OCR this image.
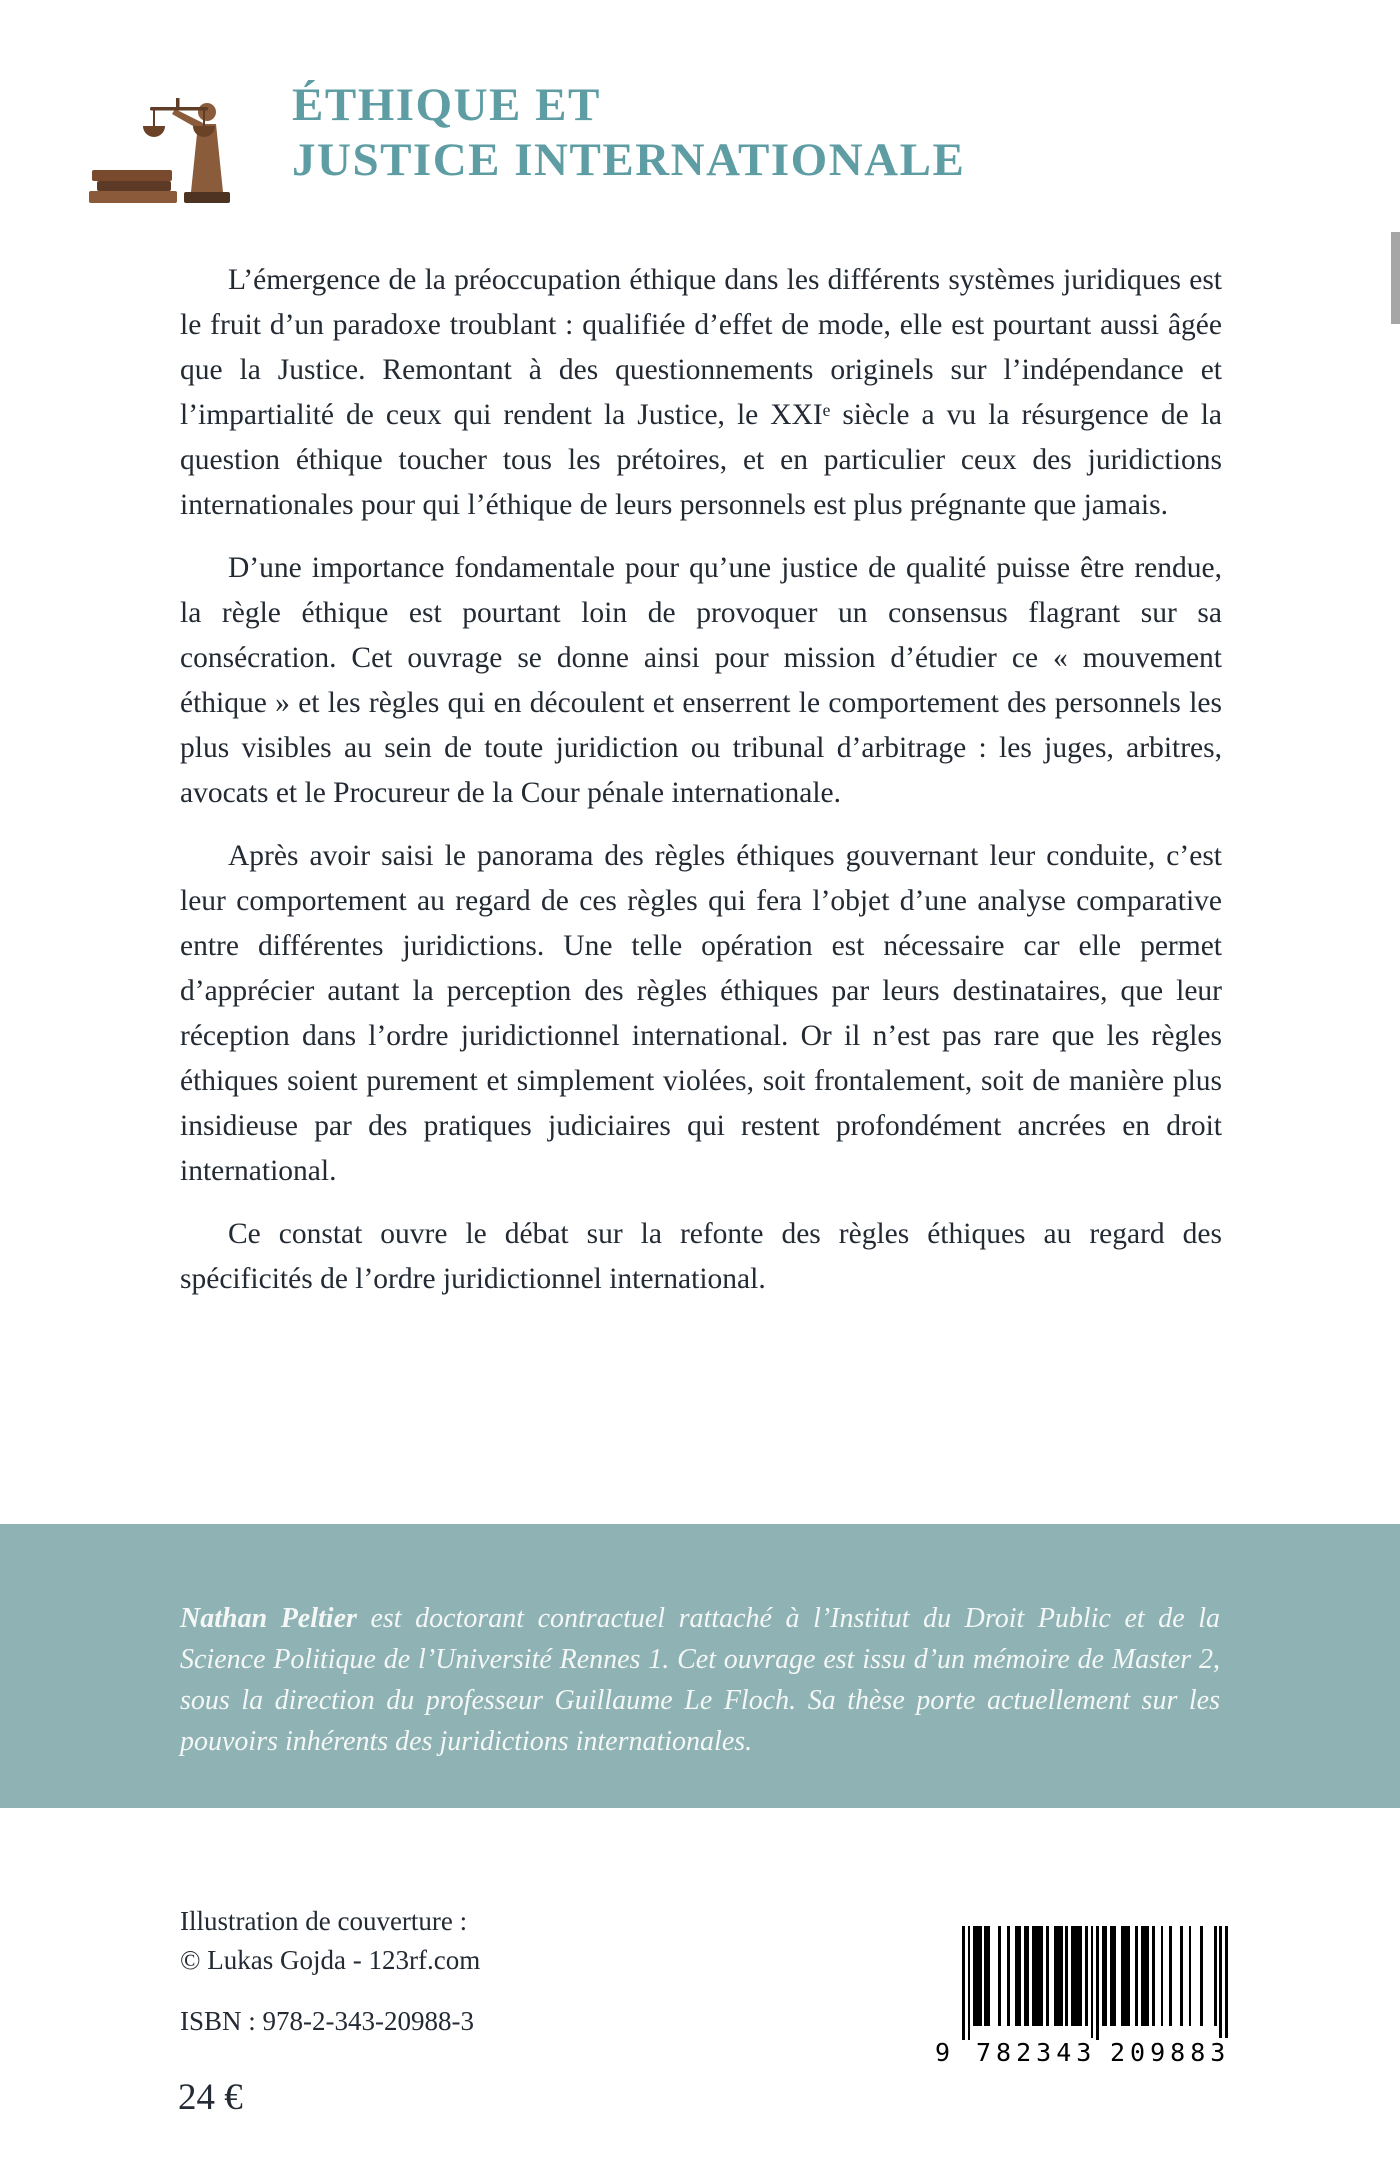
ÉTHIQUE ET
JUSTICE INTERNATIONALE

L’émergence de la préoccupation éthique dans les différents systèmes juridiques est le fruit d’un paradoxe troublant : qualifiée d’effet de mode, elle est pourtant aussi âgée que la Justice. Remontant à des questionnements originels sur l’indépendance et l’impartialité de ceux qui rendent la Justice, le XXIᵉ siècle a vu la résurgence de la question éthique toucher tous les prétoires, et en particulier ceux des juridictions internationales pour qui l’éthique de leurs personnels est plus prégnante que jamais.

D’une importance fondamentale pour qu’une justice de qualité puisse être rendue, la règle éthique est pourtant loin de provoquer un consensus flagrant sur sa consécration. Cet ouvrage se donne ainsi pour mission d’étudier ce « mouvement éthique » et les règles qui en découlent et enserrent le comportement des personnels les plus visibles au sein de toute juridiction ou tribunal d’arbitrage : les juges, arbitres, avocats et le Procureur de la Cour pénale internationale.

Après avoir saisi le panorama des règles éthiques gouvernant leur conduite, c’est leur comportement au regard de ces règles qui fera l’objet d’une analyse comparative entre différentes juridictions. Une telle opération est nécessaire car elle permet d’apprécier autant la perception des règles éthiques par leurs destinataires, que leur réception dans l’ordre juridictionnel international. Or il n’est pas rare que les règles éthiques soient purement et simplement violées, soit frontalement, soit de manière plus insidieuse par des pratiques judiciaires qui restent profondément ancrées en droit international.

Ce constat ouvre le débat sur la refonte des règles éthiques au regard des spécificités de l’ordre juridictionnel international.

Nathan Peltier est doctorant contractuel rattaché à l’Institut du Droit Public et de la Science Politique de l’Université Rennes 1. Cet ouvrage est issu d’un mémoire de Master 2, sous la direction du professeur Guillaume Le Floch. Sa thèse porte actuellement sur les pouvoirs inhérents des juridictions internationales.

Illustration de couverture :
© Lukas Gojda - 123rf.com
ISBN : 978-2-343-20988-3
24 €
9 782343 209883
